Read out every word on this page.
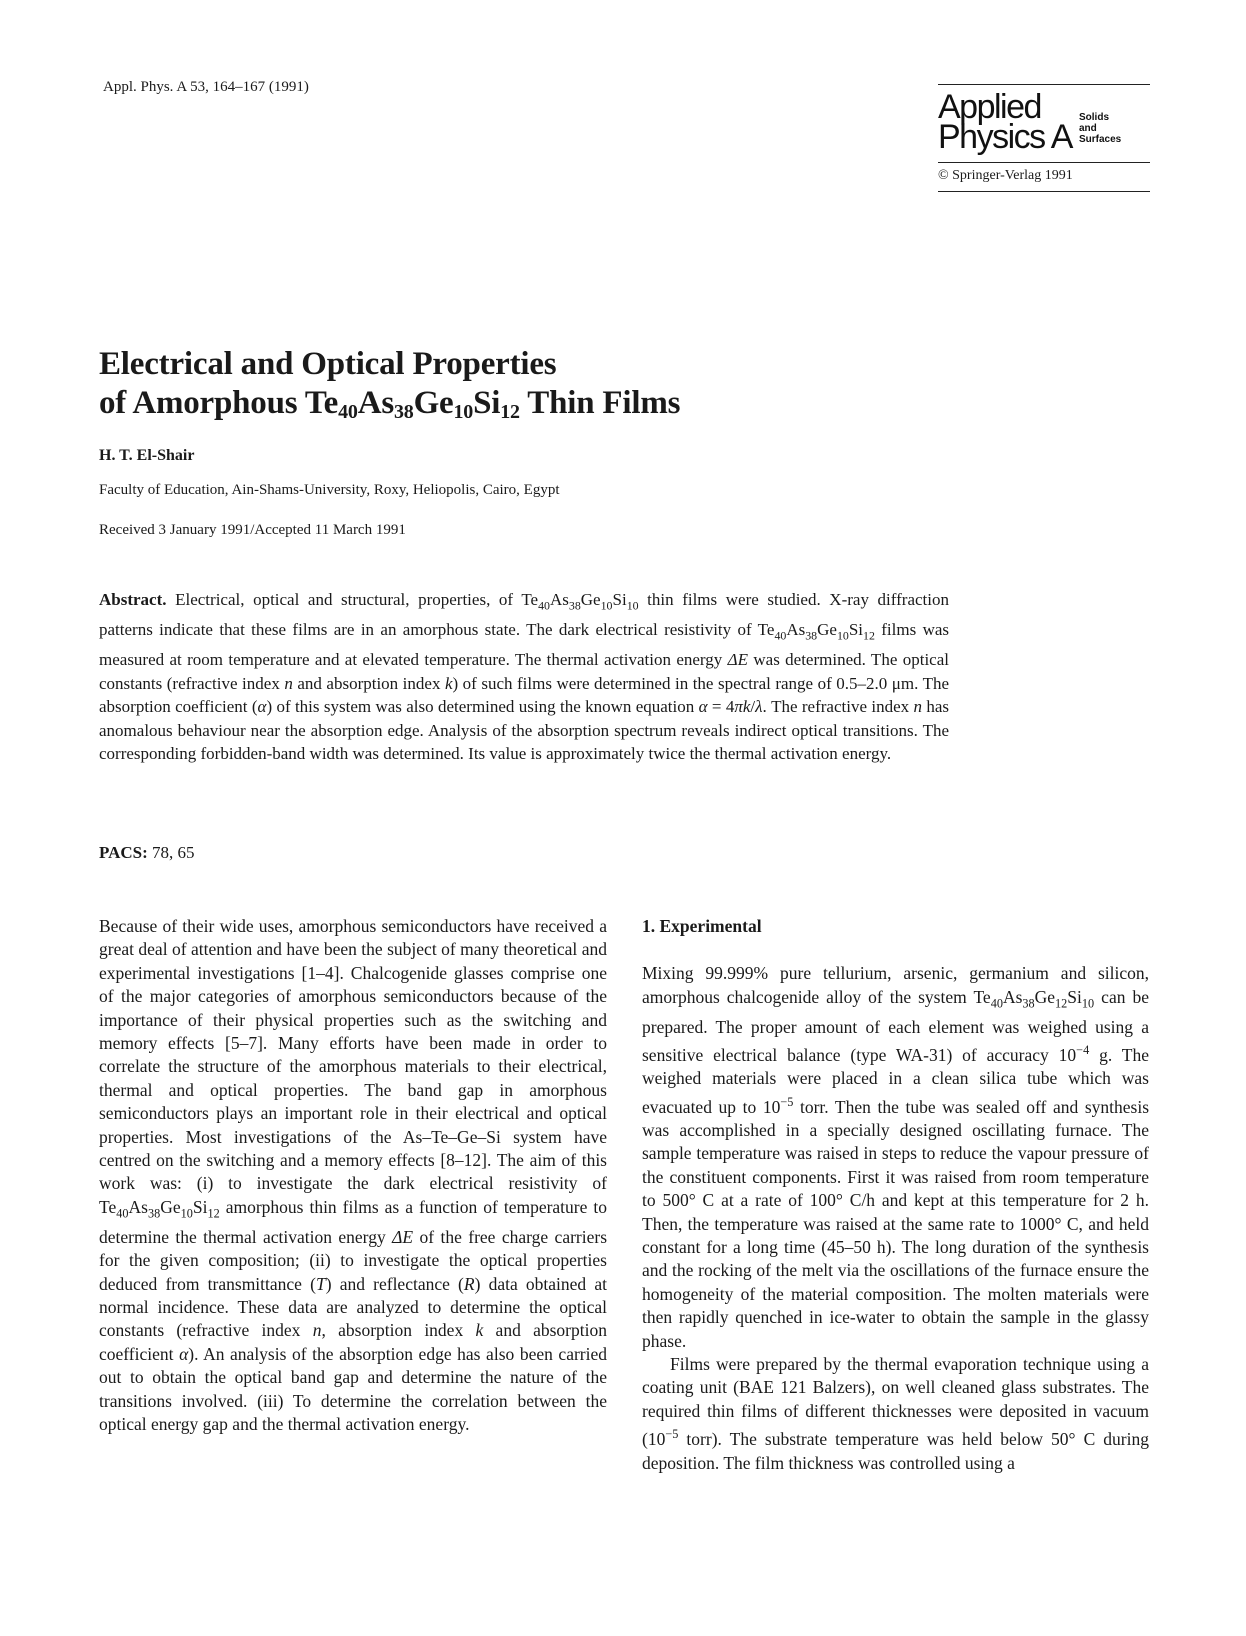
Appl. Phys. A 53, 164–167 (1991)
Applied
Physics A
Solids
and
Surfaces
© Springer-Verlag 1991
Electrical and Optical Properties
of Amorphous $Te_{40}As_{38}Ge_{10}Si_{12}$ Thin Films
H. T. El-Shair
Faculty of Education, Ain-Shams-University, Roxy, Heliopolis, Cairo, Egypt
Received 3 January 1991/Accepted 11 March 1991
Abstract. Electrical, optical and structural, properties, of $Te_{40}As_{38}Ge_{10}Si_{10}$ thin films were studied. X-ray diffraction patterns indicate that these films are in an amorphous state. The dark electrical resistivity of $Te_{40}As_{38}Ge_{10}Si_{12}$ films was measured at room temperature and at elevated temperature. The thermal activation energy ΔE was determined. The optical constants (refractive index n and absorption index k) of such films were determined in the spectral range of 0.5–2.0 μm. The absorption coefficient (α) of this system was also determined using the known equation α = 4πk/λ. The refractive index n has anomalous behaviour near the absorption edge. Analysis of the absorption spectrum reveals indirect optical transitions. The corresponding forbidden-band width was determined. Its value is approximately twice the thermal activation energy.
PACS: 78, 65

Because of their wide uses, amorphous semiconductors have received a great deal of attention and have been the subject of many theoretical and experimental investigations [1–4]. Chalcogenide glasses comprise one of the major categories of amorphous semiconductors because of the importance of their physical properties such as the switching and memory effects [5–7]. Many efforts have been made in order to correlate the structure of the amorphous materials to their electrical, thermal and optical properties. The band gap in amorphous semiconductors plays an important role in their electrical and optical properties. Most investigations of the As–Te–Ge–Si system have centred on the switching and a memory effects [8–12]. The aim of this work was: (i) to investigate the dark electrical resistivity of $Te_{40}As_{38}Ge_{10}Si_{12}$ amorphous thin films as a function of temperature to determine the thermal activation energy ΔE of the free charge carriers for the given composition; (ii) to investigate the optical properties deduced from transmittance (T) and reflectance (R) data obtained at normal incidence. These data are analyzed to determine the optical constants (refractive index n, absorption index k and absorption coefficient α). An analysis of the absorption edge has also been carried out to obtain the optical band gap and determine the nature of the transitions involved. (iii) To determine the correlation between the optical energy gap and the thermal activation energy.

1. Experimental

Mixing 99.999% pure tellurium, arsenic, germanium and silicon, amorphous chalcogenide alloy of the system $Te_{40}As_{38}Ge_{12}Si_{10}$ can be prepared. The proper amount of each element was weighed using a sensitive electrical balance (type WA-31) of accuracy $10^{-4}$ g. The weighed materials were placed in a clean silica tube which was evacuated up to $10^{-5}$ torr. Then the tube was sealed off and synthesis was accomplished in a specially designed oscillating furnace. The sample temperature was raised in steps to reduce the vapour pressure of the constituent components. First it was raised from room temperature to 500° C at a rate of 100° C/h and kept at this temperature for 2 h. Then, the temperature was raised at the same rate to 1000° C, and held constant for a long time (45–50 h). The long duration of the synthesis and the rocking of the melt via the oscillations of the furnace ensure the homogeneity of the material composition. The molten materials were then rapidly quenched in ice-water to obtain the sample in the glassy phase.

Films were prepared by the thermal evaporation technique using a coating unit (BAE 121 Balzers), on well cleaned glass substrates. The required thin films of different thicknesses were deposited in vacuum ($10^{-5}$ torr). The substrate temperature was held below 50° C during deposition. The film thickness was controlled using a
